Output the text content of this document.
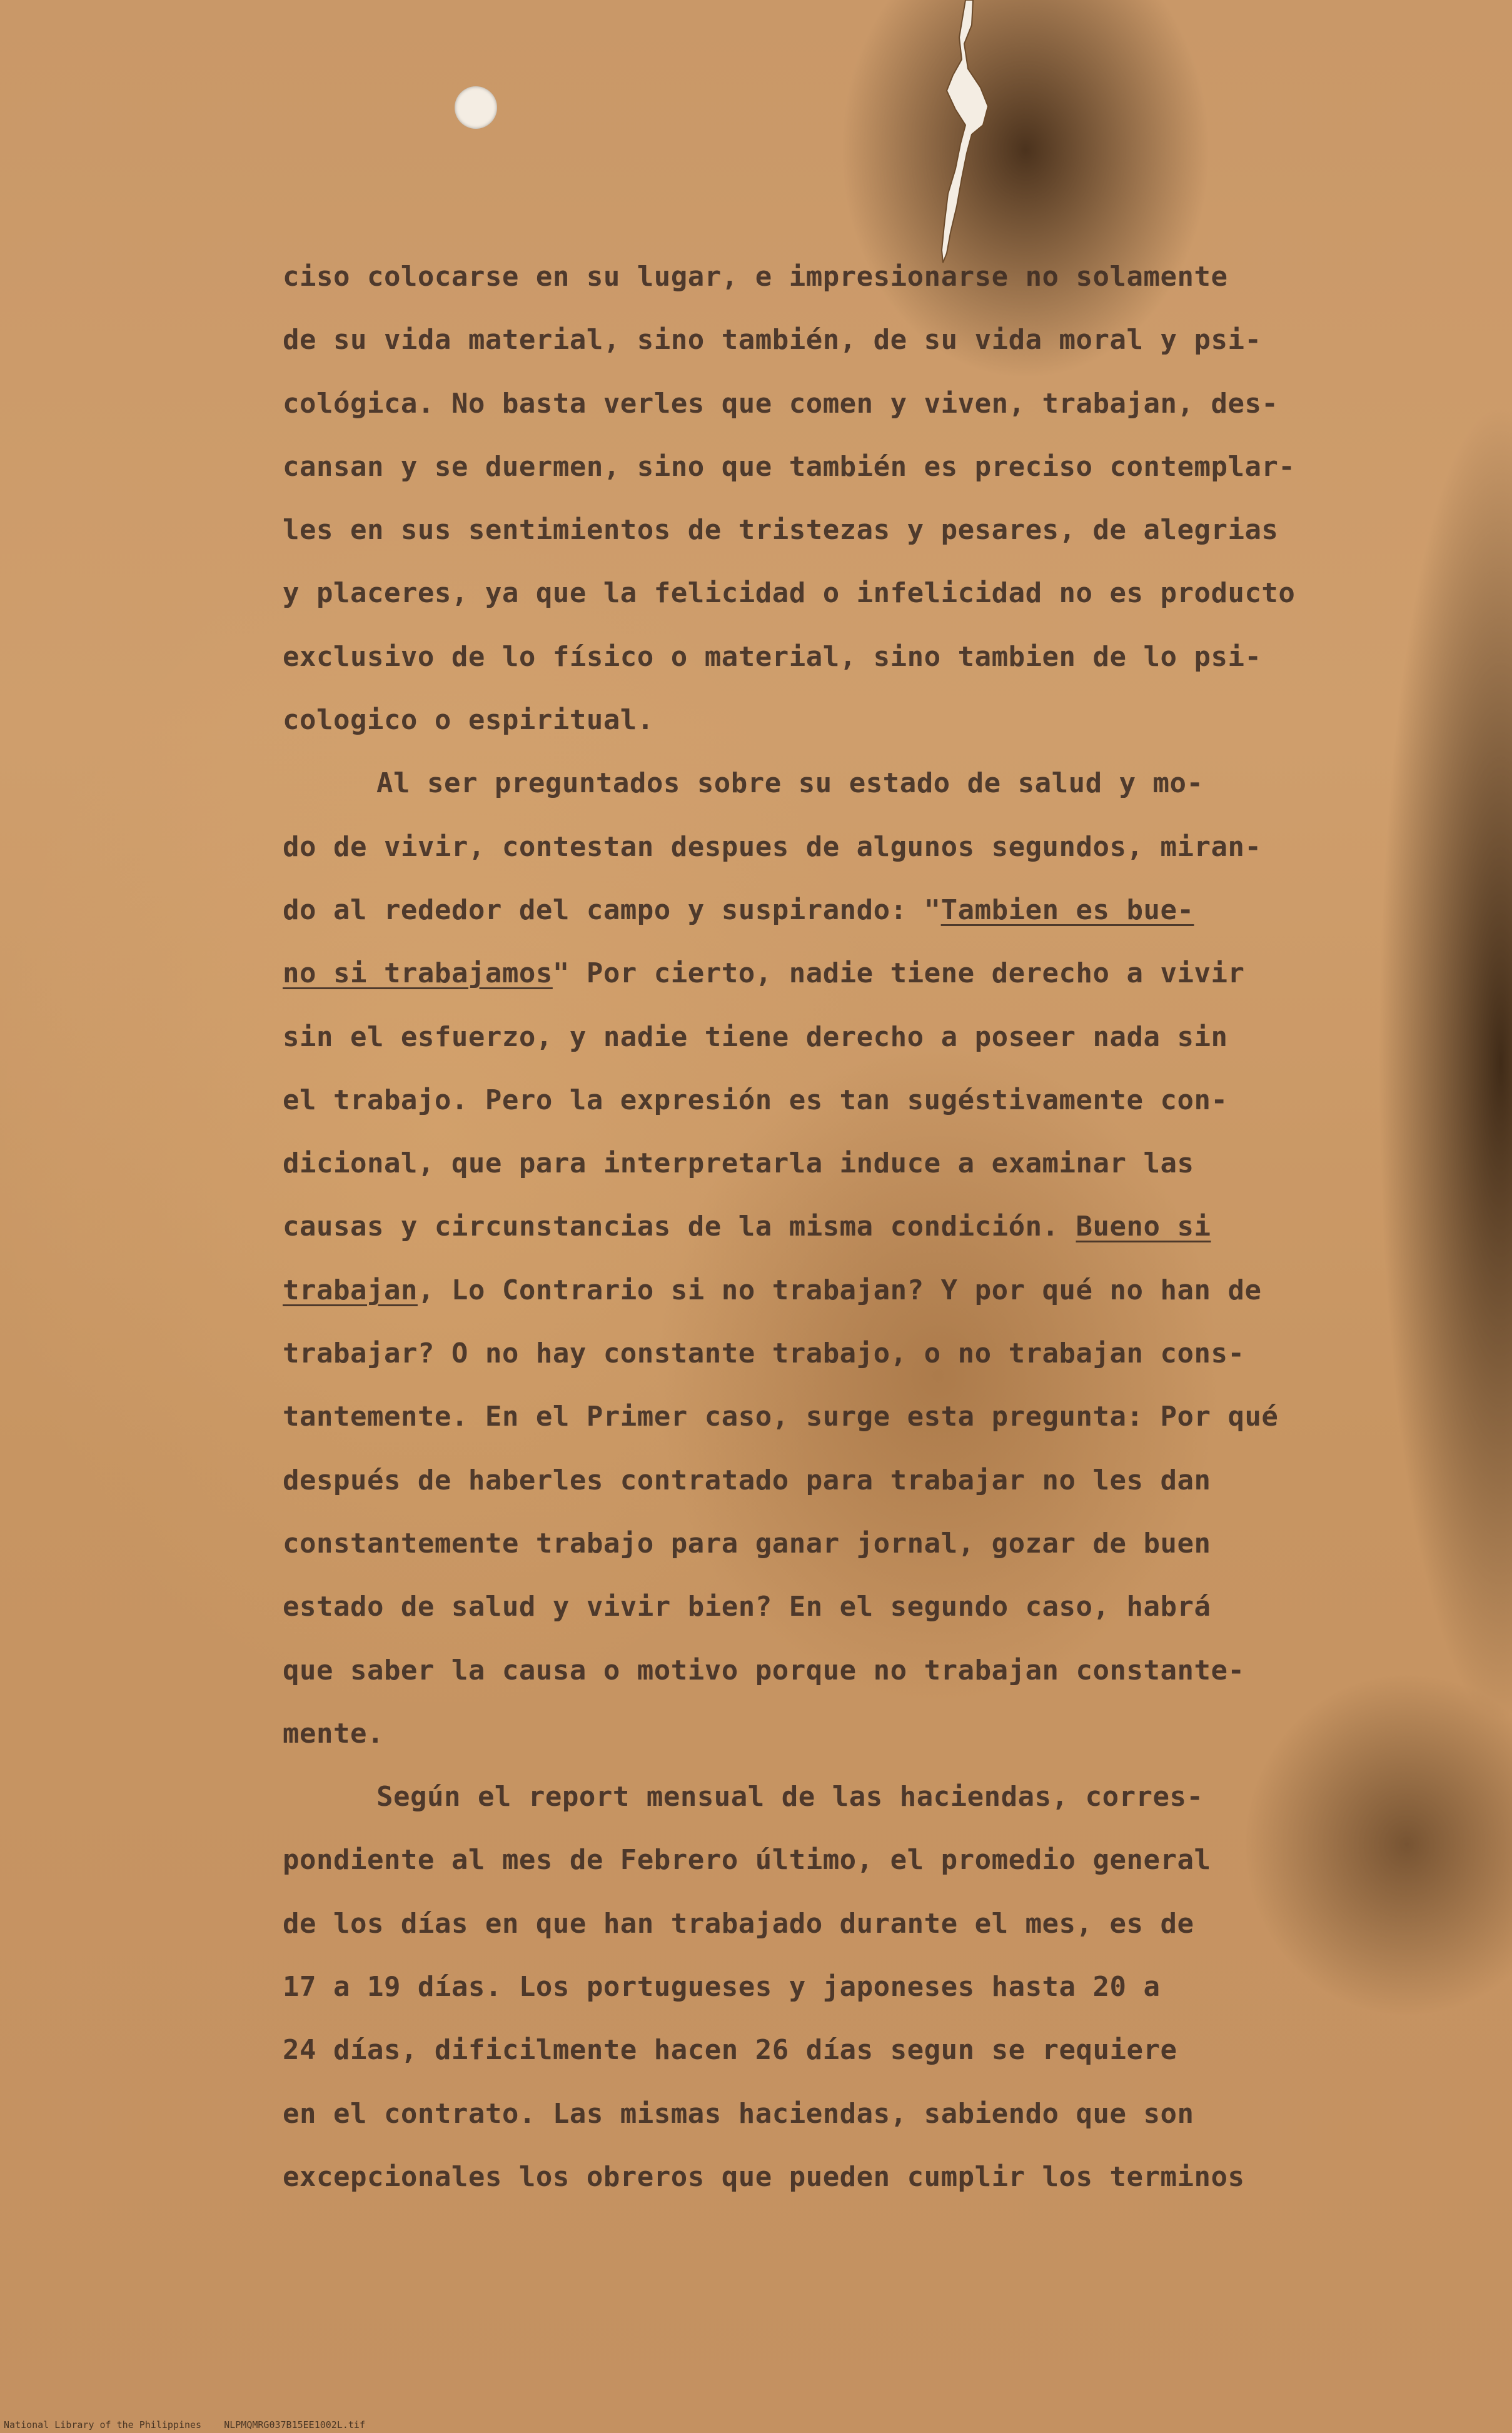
ciso colocarse en su lugar, e impresionarse no solamente
de su vida material, sino también, de su vida moral y psi-
cológica. No basta verles que comen y viven, trabajan, des-
cansan y se duermen, sino que también es preciso contemplar-
les en sus sentimientos de tristezas y pesares, de alegrias
y placeres, ya que la felicidad o infelicidad no es producto
exclusivo de lo físico o material, sino tambien de lo psi-
cologico o espiritual.
Al ser preguntados sobre su estado de salud y mo-
do de vivir, contestan despues de algunos segundos, miran-
do al rededor del campo y suspirando: "Tambien es bue-
no si trabajamos" Por cierto, nadie tiene derecho a vivir
sin el esfuerzo, y nadie tiene derecho a poseer nada sin
el trabajo. Pero la expresión es tan sugéstivamente con-
dicional, que para interpretarla induce a examinar las
causas y circunstancias de la misma condición. Bueno si
trabajan, Lo Contrario si no trabajan? Y por qué no han de
trabajar? O no hay constante trabajo, o no trabajan cons-
tantemente. En el Primer caso, surge esta pregunta: Por qué
después de haberles contratado para trabajar no les dan
constantemente trabajo para ganar jornal, gozar de buen
estado de salud y vivir bien? En el segundo caso, habrá
que saber la causa o motivo porque no trabajan constante-
mente.
Según el report mensual de las haciendas, corres-
pondiente al mes de Febrero último, el promedio general
de los días en que han trabajado durante el mes, es de
17 a 19 días. Los portugueses y japoneses hasta 20 a
24 días, dificilmente hacen 26 días segun se requiere
en el contrato. Las mismas haciendas, sabiendo que son
excepcionales los obreros que pueden cumplir los terminos
National Library of the Philippines    NLPMQMRG037B15EE1002L.tif
